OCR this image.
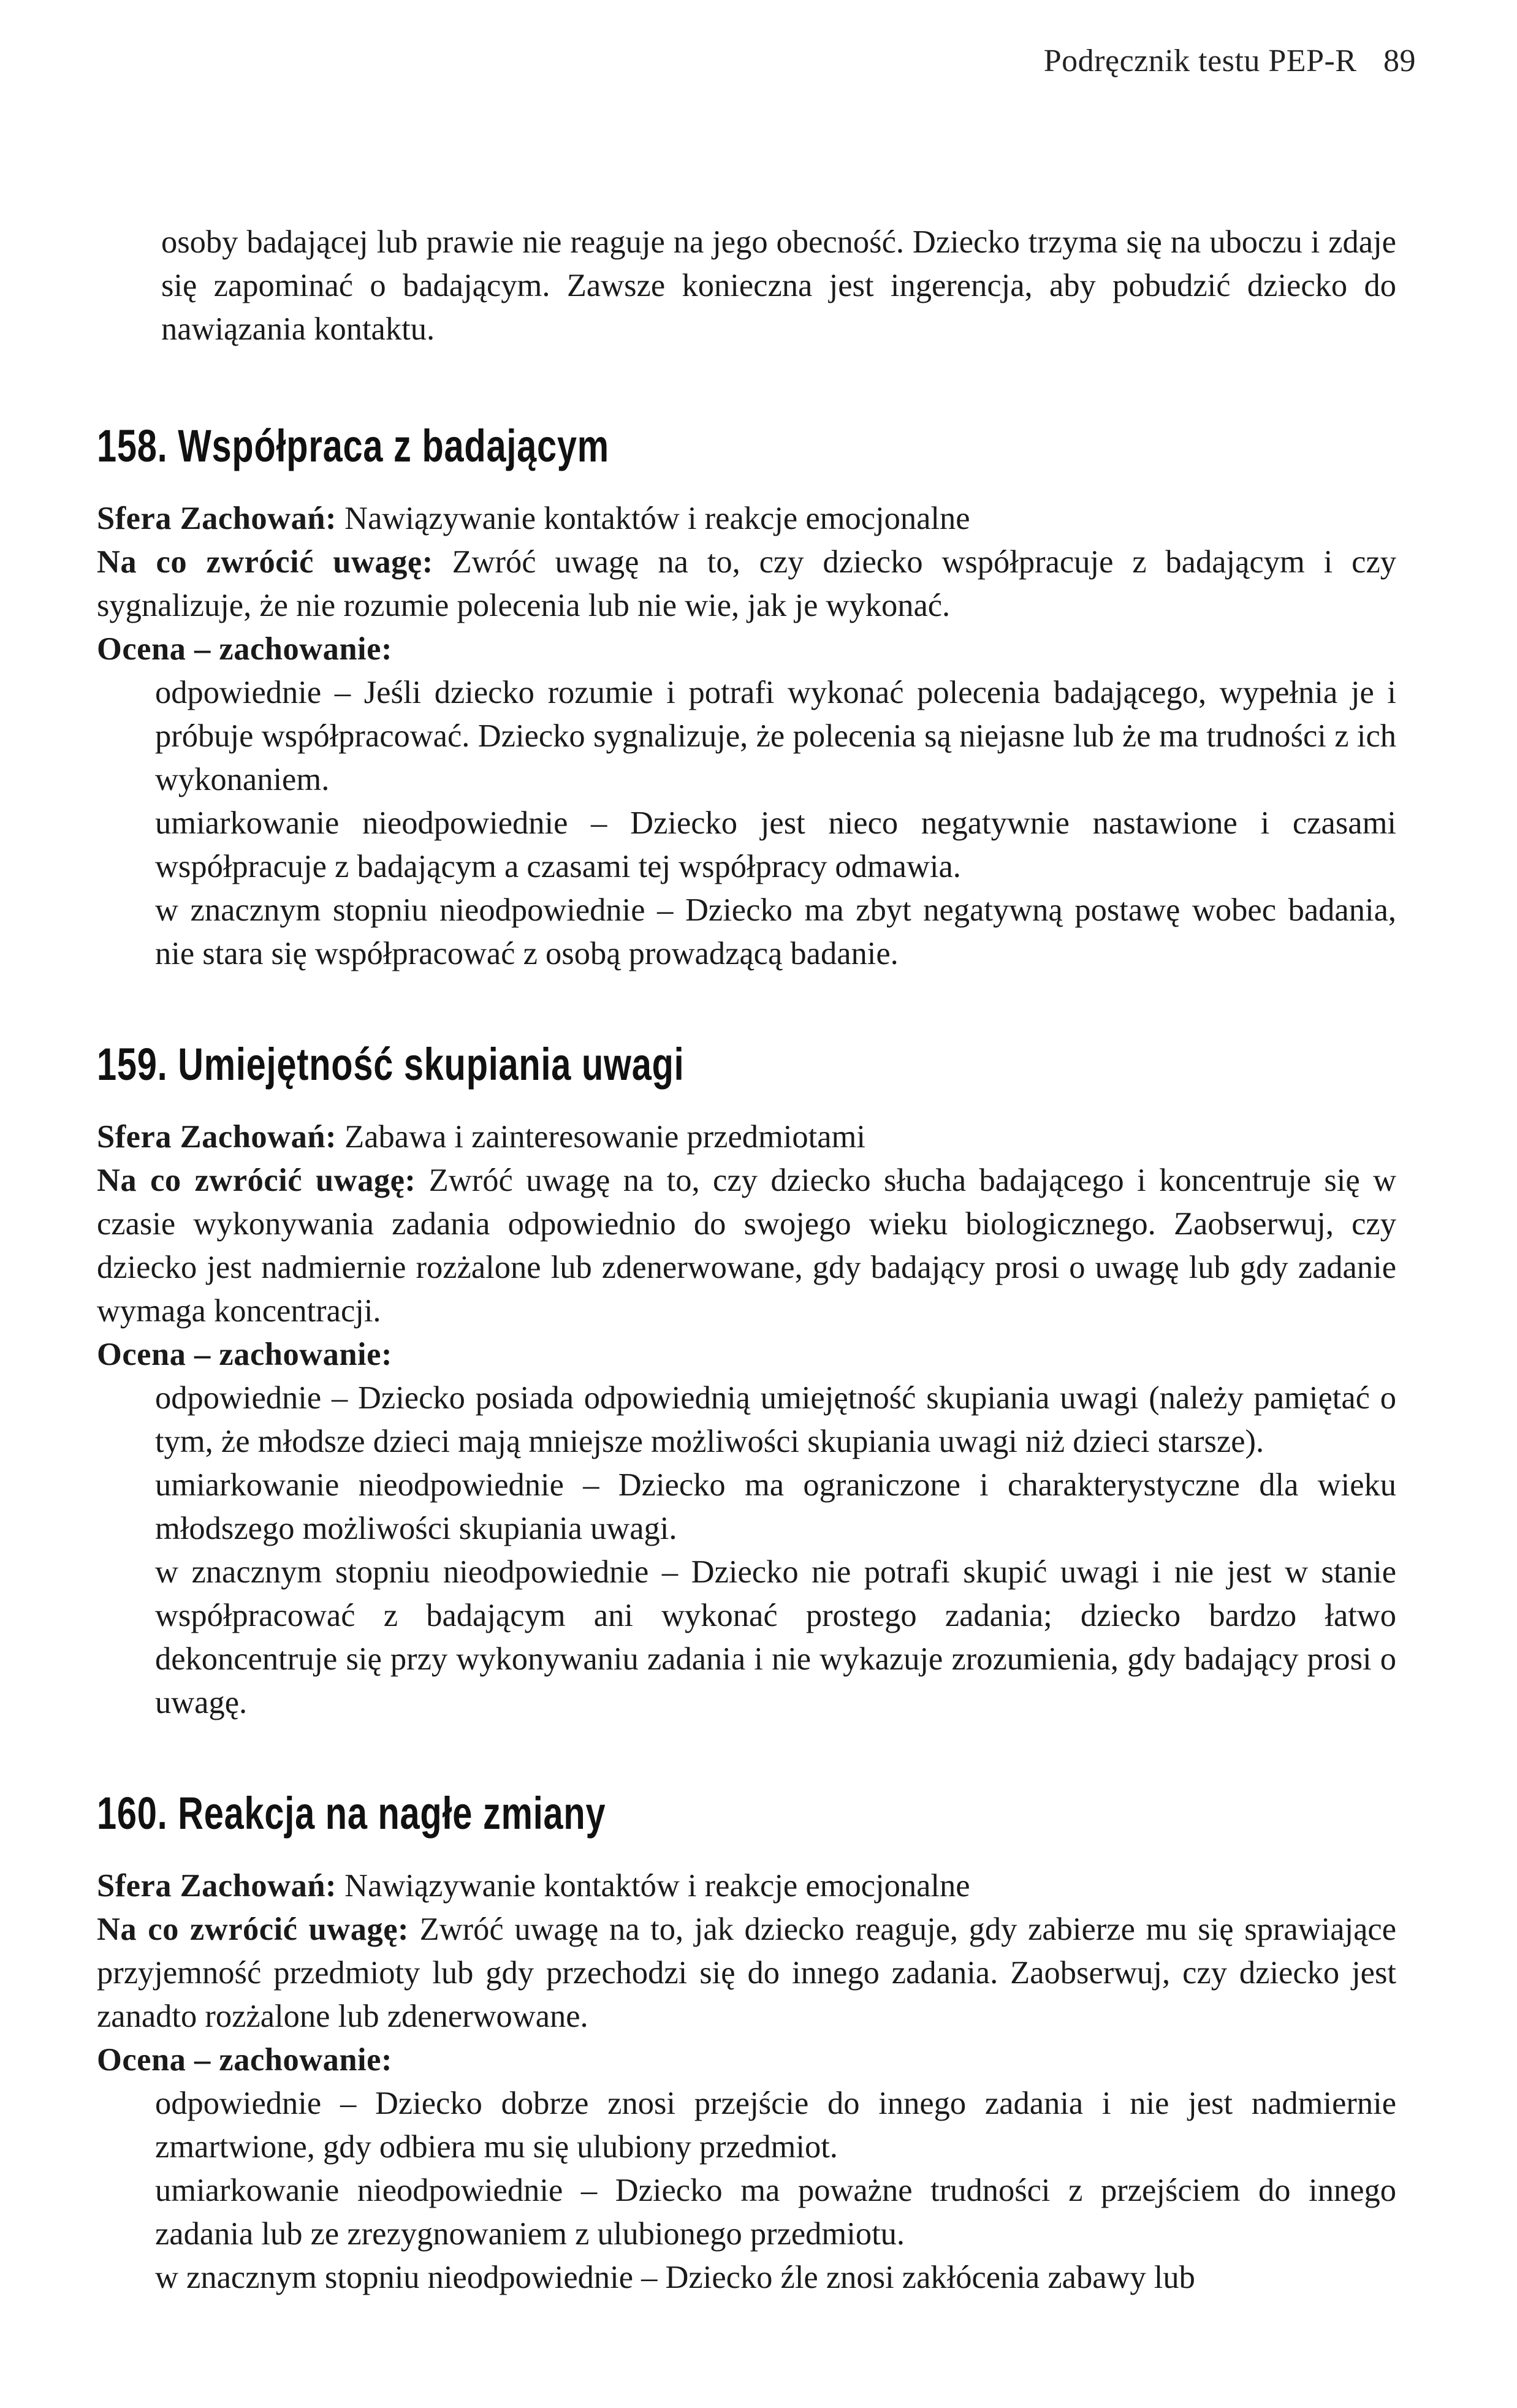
Podręcznik testu PEP-R 89

osoby badającej lub prawie nie reaguje na jego obecność. Dziecko trzyma się na uboczu i zdaje się zapominać o badającym. Zawsze konieczna jest ingerencja, aby pobudzić dziecko do nawiązania kontaktu.

158. Współpraca z badającym

Sfera Zachowań: Nawiązywanie kontaktów i reakcje emocjonalne

Na co zwrócić uwagę: Zwróć uwagę na to, czy dziecko współpracuje z badającym i czy sygnalizuje, że nie rozumie polecenia lub nie wie, jak je wykonać.

Ocena – zachowanie:

odpowiednie – Jeśli dziecko rozumie i potrafi wykonać polecenia badającego, wypełnia je i próbuje współpracować. Dziecko sygnalizuje, że polecenia są niejasne lub że ma trudności z ich wykonaniem.

umiarkowanie nieodpowiednie – Dziecko jest nieco negatywnie nastawione i czasami współpracuje z badającym a czasami tej współpracy odmawia.

w znacznym stopniu nieodpowiednie – Dziecko ma zbyt negatywną postawę wobec badania, nie stara się współpracować z osobą prowadzącą badanie.

159. Umiejętność skupiania uwagi

Sfera Zachowań: Zabawa i zainteresowanie przedmiotami

Na co zwrócić uwagę: Zwróć uwagę na to, czy dziecko słucha badającego i koncentruje się w czasie wykonywania zadania odpowiednio do swojego wieku biologicznego. Zaobserwuj, czy dziecko jest nadmiernie rozżalone lub zdenerwowane, gdy badający prosi o uwagę lub gdy zadanie wymaga koncentracji.

Ocena – zachowanie:

odpowiednie – Dziecko posiada odpowiednią umiejętność skupiania uwagi (należy pamiętać o tym, że młodsze dzieci mają mniejsze możliwości skupiania uwagi niż dzieci starsze).

umiarkowanie nieodpowiednie – Dziecko ma ograniczone i charakterystyczne dla wieku młodszego możliwości skupiania uwagi.

w znacznym stopniu nieodpowiednie – Dziecko nie potrafi skupić uwagi i nie jest w stanie współpracować z badającym ani wykonać prostego zadania; dziecko bardzo łatwo dekoncentruje się przy wykonywaniu zadania i nie wykazuje zrozumienia, gdy badający prosi o uwagę.

160. Reakcja na nagłe zmiany

Sfera Zachowań: Nawiązywanie kontaktów i reakcje emocjonalne

Na co zwrócić uwagę: Zwróć uwagę na to, jak dziecko reaguje, gdy zabierze mu się sprawiające przyjemność przedmioty lub gdy przechodzi się do innego zadania. Zaobserwuj, czy dziecko jest zanadto rozżalone lub zdenerwowane.

Ocena – zachowanie:

odpowiednie – Dziecko dobrze znosi przejście do innego zadania i nie jest nadmiernie zmartwione, gdy odbiera mu się ulubiony przedmiot.

umiarkowanie nieodpowiednie – Dziecko ma poważne trudności z przejściem do innego zadania lub ze zrezygnowaniem z ulubionego przedmiotu.

w znacznym stopniu nieodpowiednie – Dziecko źle znosi zakłócenia zabawy lub
